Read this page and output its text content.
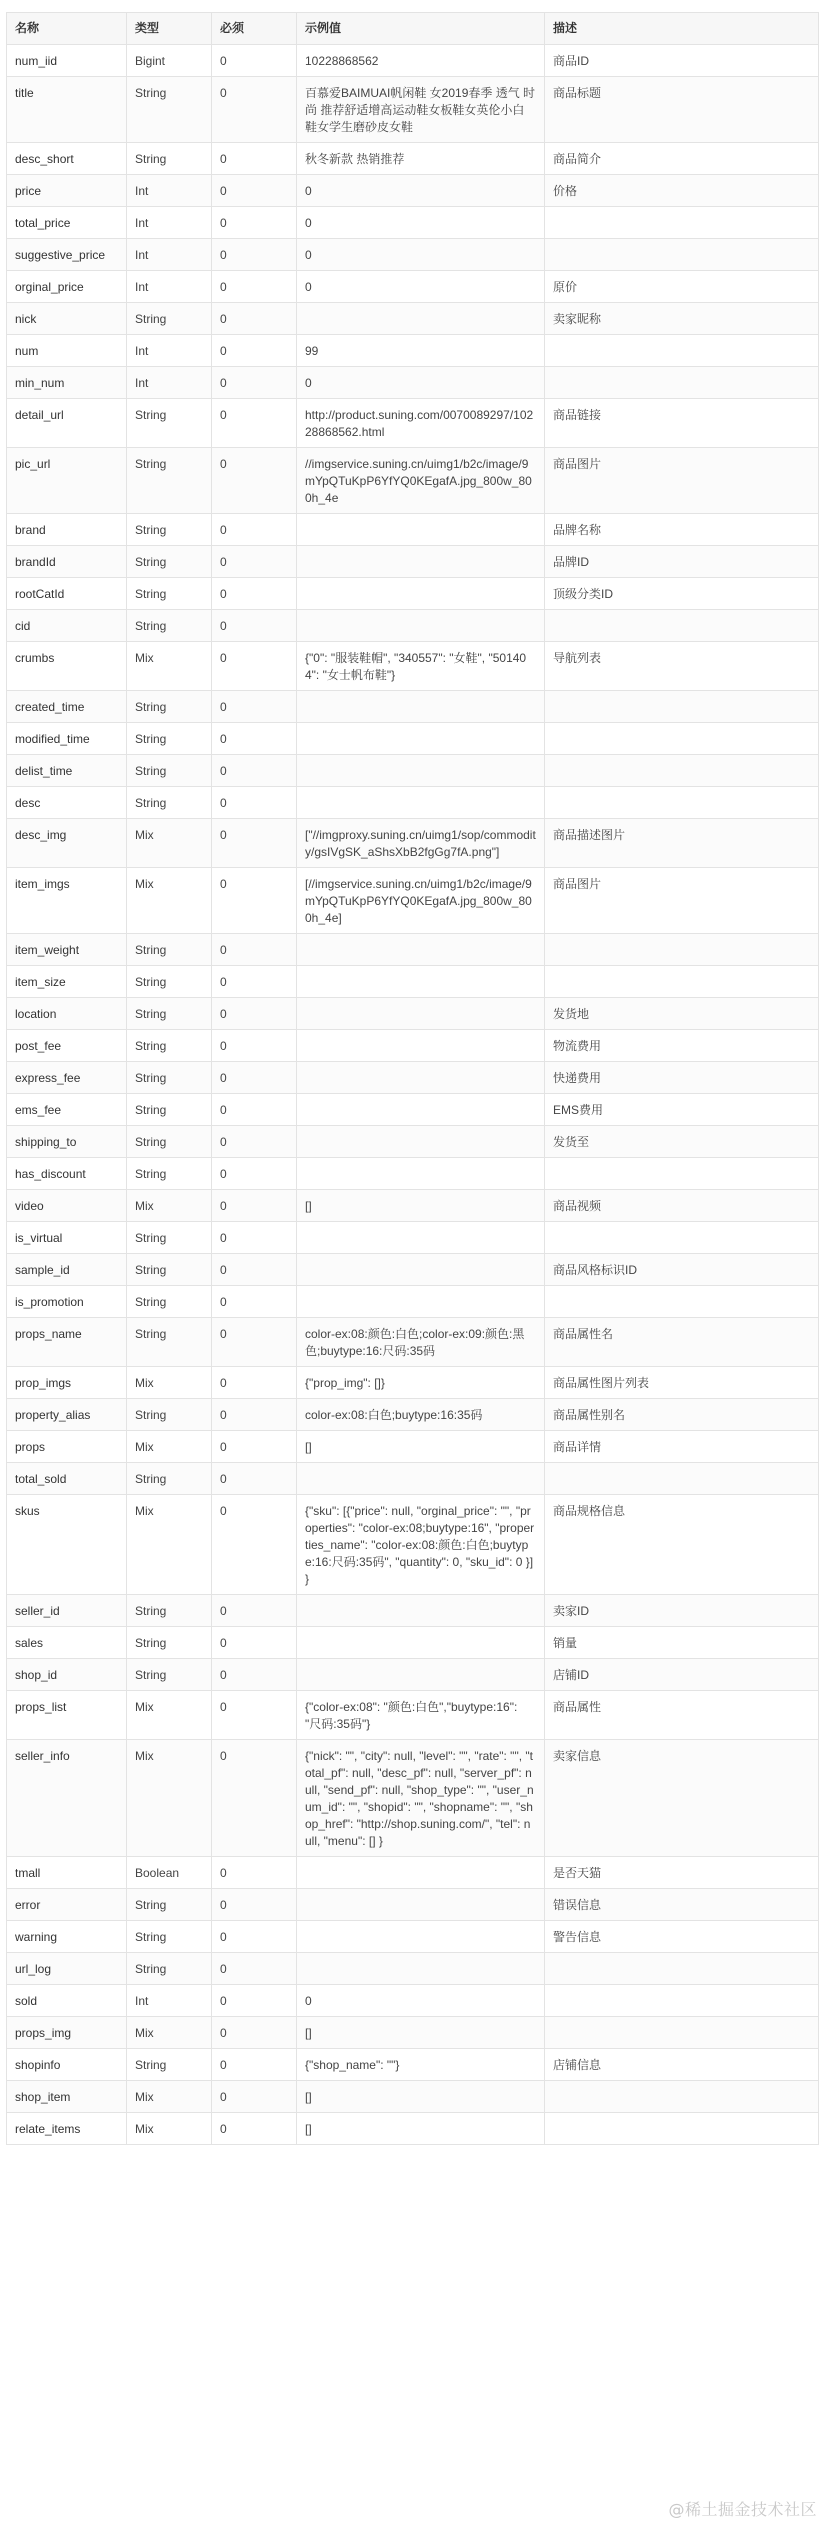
名称	类型	必须	示例值	描述
num_iid	Bigint	0	10228868562	商品ID
title	String	0	百慕爱BAIMUAI帆闲鞋 女2019春季 透气 时尚 推荐舒适增高运动鞋女板鞋女英伦小白鞋女学生磨砂皮女鞋	商品标题
desc_short	String	0	秋冬新款 热销推荐	商品简介
price	Int	0	0	价格
total_price	Int	0	0	
suggestive_price	Int	0	0	
orginal_price	Int	0	0	原价
nick	String	0		卖家昵称
num	Int	0	99	
min_num	Int	0	0	
detail_url	String	0	http://product.suning.com/0070089297/10228868562.html	商品链接
pic_url	String	0	//imgservice.suning.cn/uimg1/b2c/image/9mYpQTuKpP6YfYQ0KEgafA.jpg_800w_800h_4e	商品图片
brand	String	0		品牌名称
brandId	String	0		品牌ID
rootCatId	String	0		顶级分类ID
cid	String	0		
crumbs	Mix	0	{"0": "服装鞋帽", "340557": "女鞋", "501404": "女士帆布鞋"}	导航列表
created_time	String	0		
modified_time	String	0		
delist_time	String	0		
desc	String	0		
desc_img	Mix	0	["//imgproxy.suning.cn/uimg1/sop/commodity/gsIVgSK_aShsXbB2fgGg7fA.png"]	商品描述图片
item_imgs	Mix	0	[//imgservice.suning.cn/uimg1/b2c/image/9mYpQTuKpP6YfYQ0KEgafA.jpg_800w_800h_4e]	商品图片
item_weight	String	0		
item_size	String	0		
location	String	0		发货地
post_fee	String	0		物流费用
express_fee	String	0		快递费用
ems_fee	String	0		EMS费用
shipping_to	String	0		发货至
has_discount	String	0		
video	Mix	0	[]	商品视频
is_virtual	String	0		
sample_id	String	0		商品风格标识ID
is_promotion	String	0		
props_name	String	0	color-ex:08:颜色:白色;color-ex:09:颜色:黑色;buytype:16:尺码:35码	商品属性名
prop_imgs	Mix	0	{"prop_img": []}	商品属性图片列表
property_alias	String	0	color-ex:08:白色;buytype:16:35码	商品属性别名
props	Mix	0	[]	商品详情
total_sold	String	0		
skus	Mix	0	{"sku": [{"price": null, "orginal_price": "", "properties": "color-ex:08;buytype:16", "properties_name": "color-ex:08:颜色:白色;buytype:16:尺码:35码", "quantity": 0, "sku_id": 0 }] }	商品规格信息
seller_id	String	0		卖家ID
sales	String	0		销量
shop_id	String	0		店铺ID
props_list	Mix	0	{"color-ex:08": "颜色:白色","buytype:16": "尺码:35码"}	商品属性
seller_info	Mix	0	{"nick": "", "city": null, "level": "", "rate": "", "total_pf": null, "desc_pf": null, "server_pf": null, "send_pf": null, "shop_type": "", "user_num_id": "", "shopid": "", "shopname": "", "shop_href": "http://shop.suning.com/", "tel": null, "menu": [] }	卖家信息
tmall	Boolean	0		是否天猫
error	String	0		错误信息
warning	String	0		警告信息
url_log	String	0		
sold	Int	0	0	
props_img	Mix	0	[]	
shopinfo	String	0	{"shop_name": ""}	店铺信息
shop_item	Mix	0	[]	
relate_items	Mix	0	[]	
@稀土掘金技术社区
